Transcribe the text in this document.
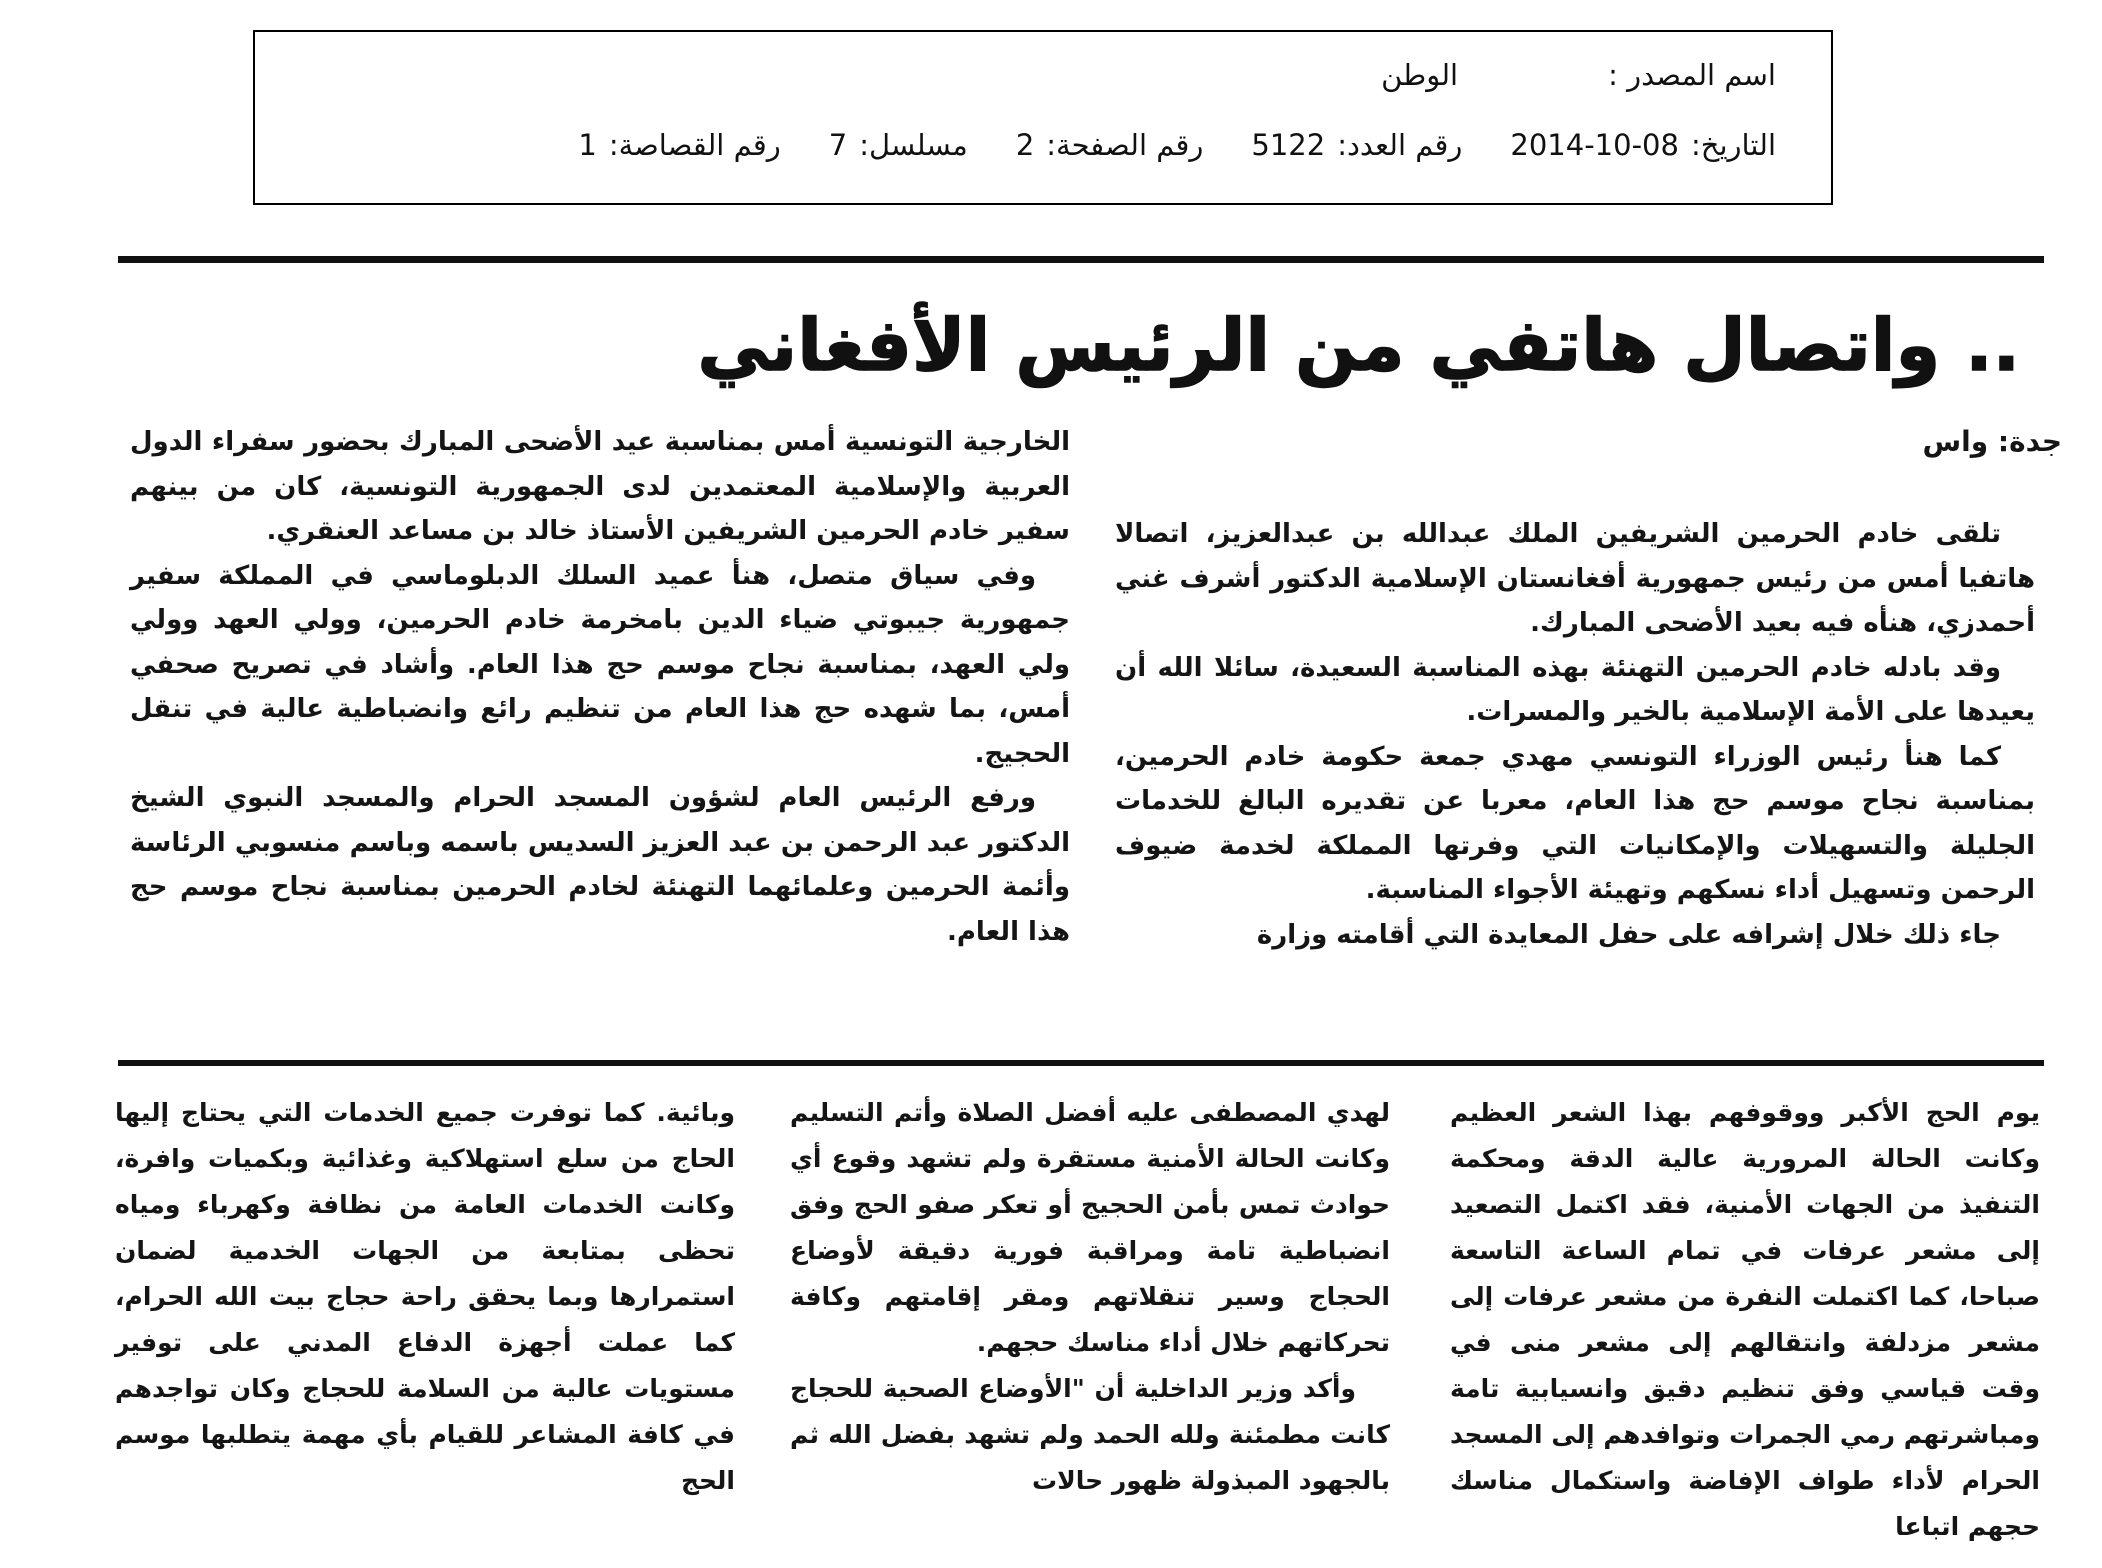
اسم المصدر :
الوطن
التاريخ:
2014-10-08
رقم العدد:
5122
رقم الصفحة:
2
مسلسل:
7
رقم القصاصة:
1
.. واتصال هاتفي من الرئيس الأفغاني
جدة: واس

تلقى خادم الحرمين الشريفين الملك عبدالله بن عبدالعزيز، اتصالا هاتفيا أمس من رئيس جمهورية أفغانستان الإسلامية الدكتور أشرف غني أحمدزي، هنأه فيه بعيد الأضحى المبارك.

وقد بادله خادم الحرمين التهنئة بهذه المناسبة السعيدة، سائلا الله أن يعيدها على الأمة الإسلامية بالخير والمسرات.

كما هنأ رئيس الوزراء التونسي مهدي جمعة حكومة خادم الحرمين، بمناسبة نجاح موسم حج هذا العام، معربا عن تقديره البالغ للخدمات الجليلة والتسهيلات والإمكانيات التي وفرتها المملكة لخدمة ضيوف الرحمن وتسهيل أداء نسكهم وتهيئة الأجواء المناسبة.

جاء ذلك خلال إشرافه على حفل المعايدة التي أقامته وزارة

الخارجية التونسية أمس بمناسبة عيد الأضحى المبارك بحضور سفراء الدول العربية والإسلامية المعتمدين لدى الجمهورية التونسية، كان من بينهم سفير خادم الحرمين الشريفين الأستاذ خالد بن مساعد العنقري.

وفي سياق متصل، هنأ عميد السلك الدبلوماسي في المملكة سفير جمهورية جيبوتي ضياء الدين بامخرمة خادم الحرمين، وولي العهد وولي ولي العهد، بمناسبة نجاح موسم حج هذا العام. وأشاد في تصريح صحفي أمس، بما شهده حج هذا العام من تنظيم رائع وانضباطية عالية في تنقل الحجيج.

ورفع الرئيس العام لشؤون المسجد الحرام والمسجد النبوي الشيخ الدكتور عبد الرحمن بن عبد العزيز السديس باسمه وباسم منسوبي الرئاسة وأئمة الحرمين وعلمائهما التهنئة لخادم الحرمين بمناسبة نجاح موسم حج هذا العام.

يوم الحج الأكبر ووقوفهم بهذا الشعر العظيم وكانت الحالة المرورية عالية الدقة ومحكمة التنفيذ من الجهات الأمنية، فقد اكتمل التصعيد إلى مشعر عرفات في تمام الساعة التاسعة صباحا، كما اكتملت النفرة من مشعر عرفات إلى مشعر مزدلفة وانتقالهم إلى مشعر منى في وقت قياسي وفق تنظيم دقيق وانسيابية تامة ومباشرتهم رمي الجمرات وتوافدهم إلى المسجد الحرام لأداء طواف الإفاضة واستكمال مناسك حجهم اتباعا

لهدي المصطفى عليه أفضل الصلاة وأتم التسليم وكانت الحالة الأمنية مستقرة ولم تشهد وقوع أي حوادث تمس بأمن الحجيج أو تعكر صفو الحج وفق انضباطية تامة ومراقبة فورية دقيقة لأوضاع الحجاج وسير تنقلاتهم ومقر إقامتهم وكافة تحركاتهم خلال أداء مناسك حجهم.

وأكد وزير الداخلية أن "الأوضاع الصحية للحجاج كانت مطمئنة ولله الحمد ولم تشهد بفضل الله ثم بالجهود المبذولة ظهور حالات

وبائية. كما توفرت جميع الخدمات التي يحتاج إليها الحاج من سلع استهلاكية وغذائية وبكميات وافرة، وكانت الخدمات العامة من نظافة وكهرباء ومياه تحظى بمتابعة من الجهات الخدمية لضمان استمرارها وبما يحقق راحة حجاج بيت الله الحرام، كما عملت أجهزة الدفاع المدني على توفير مستويات عالية من السلامة للحجاج وكان تواجدهم في كافة المشاعر للقيام بأي مهمة يتطلبها موسم الحج
